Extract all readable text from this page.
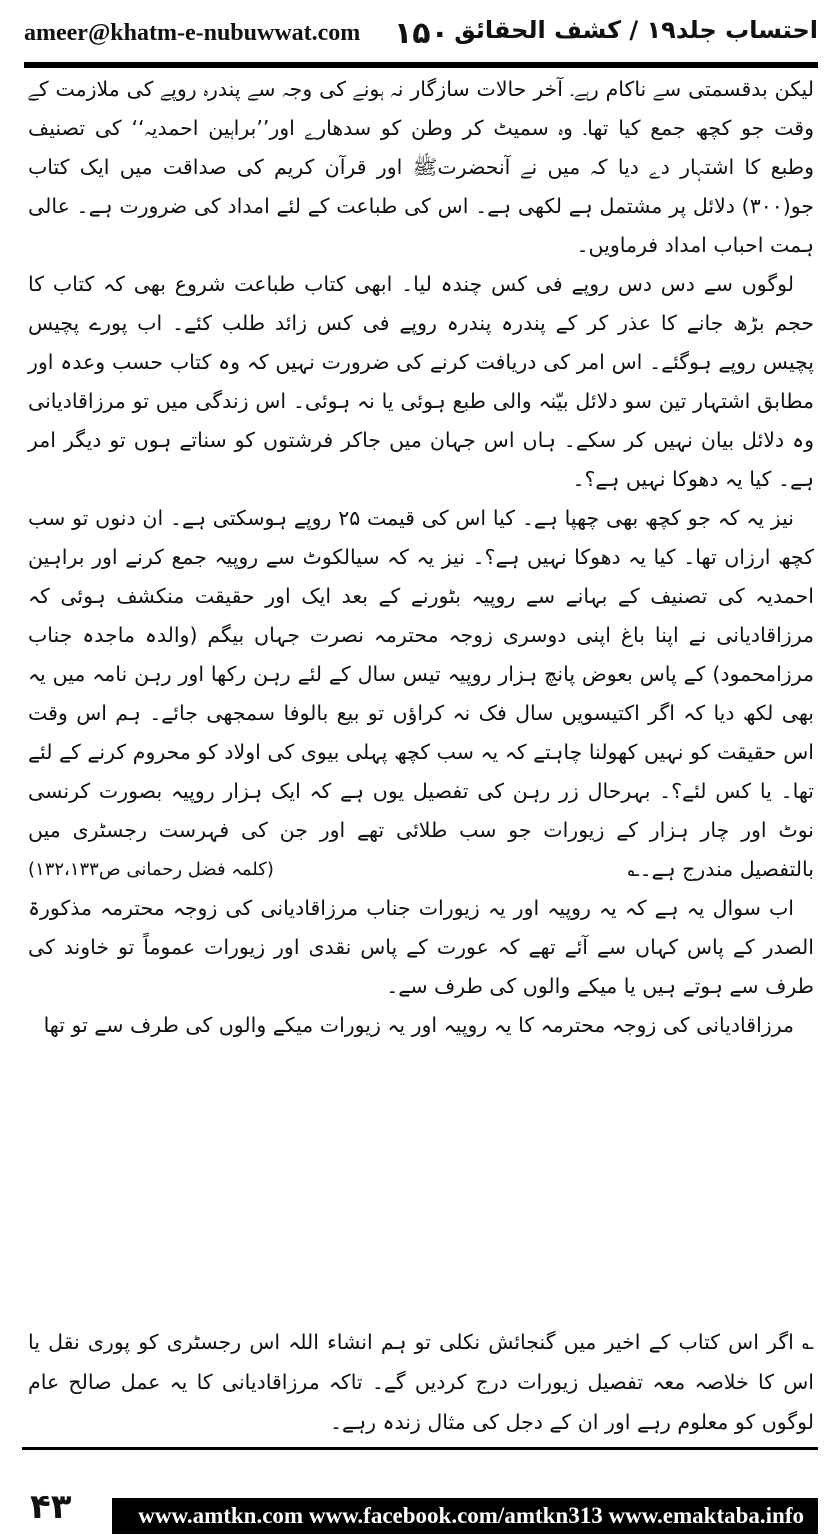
ameer@khatm-e-nubuwwat.com ۱۵۰ احتساب جلد۱۹ / کشف الحقائق

لیکن بدقسمتی سے ناکام رہے۔ آخر حالات سازگار نہ ہونے کی وجہ سے پندرہ روپے کی ملازمت کے وقت جو کچھ جمع کیا تھا۔ وہ سمیٹ کر وطن کو سدھارے اور’’براہین احمدیہ‘‘ کی تصنیف وطبع کا اشتہار دے دیا کہ میں نے آنحضرتﷺ اور قرآن کریم کی صداقت میں ایک کتاب جو(۳۰۰) دلائل پر مشتمل ہے لکھی ہے۔ اس کی طباعت کے لئے امداد کی ضرورت ہے۔ عالی ہمت احباب امداد فرماویں۔

لوگوں سے دس دس روپے فی کس چندہ لیا۔ ابھی کتاب طباعت شروع بھی کہ کتاب کا حجم بڑھ جانے کا عذر کر کے پندرہ پندرہ روپے فی کس زائد طلب کئے۔ اب پورے پچیس پچیس روپے ہوگئے۔ اس امر کی دریافت کرنے کی ضرورت نہیں کہ وہ کتاب حسب وعدہ اور مطابق اشتہار تین سو دلائل بیّنہ والی طبع ہوئی یا نہ ہوئی۔ اس زندگی میں تو مرزاقادیانی وہ دلائل بیان نہیں کر سکے۔ ہاں اس جہان میں جاکر فرشتوں کو سناتے ہوں تو دیگر امر ہے۔ کیا یہ دھوکا نہیں ہے؟۔

نیز یہ کہ جو کچھ بھی چھپا ہے۔ کیا اس کی قیمت ۲۵ روپے ہوسکتی ہے۔ ان دنوں تو سب کچھ ارزاں تھا۔ کیا یہ دھوکا نہیں ہے؟۔ نیز یہ کہ سیالکوٹ سے روپیہ جمع کرنے اور براہین احمدیہ کی تصنیف کے بہانے سے روپیہ بٹورنے کے بعد ایک اور حقیقت منکشف ہوئی کہ مرزاقادیانی نے اپنا باغ اپنی دوسری زوجہ محترمہ نصرت جہاں بیگم (والدہ ماجدہ جناب مرزامحمود) کے پاس بعوض پانچ ہزار روپیہ تیس سال کے لئے رہن رکھا اور رہن نامہ میں یہ بھی لکھ دیا کہ اگر اکتیسویں سال فک نہ کراؤں تو بیع بالوفا سمجھی جائے۔ ہم اس وقت اس حقیقت کو نہیں کھولنا چاہتے کہ یہ سب کچھ پہلی بیوی کی اولاد کو محروم کرنے کے لئے تھا۔ یا کس لئے؟۔ بہرحال زر رہن کی تفصیل یوں ہے کہ ایک ہزار روپیہ بصورت کرنسی نوٹ اور چار ہزار کے زیورات جو سب طلائی تھے اور جن کی فہرست رجسٹری میں بالتفصیل مندرج ہے۔؎
(کلمہ فضل رحمانی ص۱۳۲،۱۳۳)

اب سوال یہ ہے کہ یہ روپیہ اور یہ زیورات جناب مرزاقادیانی کی زوجہ محترمہ مذکورۃ الصدر کے پاس کہاں سے آئے تھے کہ عورت کے پاس نقدی اور زیورات عموماً تو خاوند کی طرف سے ہوتے ہیں یا میکے والوں کی طرف سے۔

مرزاقادیانی کی زوجہ محترمہ کا یہ روپیہ اور یہ زیورات میکے والوں کی طرف سے تو تھا

؎ اگر اس کتاب کے اخیر میں گنجائش نکلی تو ہم انشاء اللہ اس رجسٹری کو پوری نقل یا اس کا خلاصہ معہ تفصیل زیورات درج کردیں گے۔ تاکہ مرزاقادیانی کا یہ عمل صالح عام لوگوں کو معلوم رہے اور ان کے دجل کی مثال زندہ رہے۔

www.amtkn.com www.facebook.com/amtkn313 www.emaktaba.info
۴۳
